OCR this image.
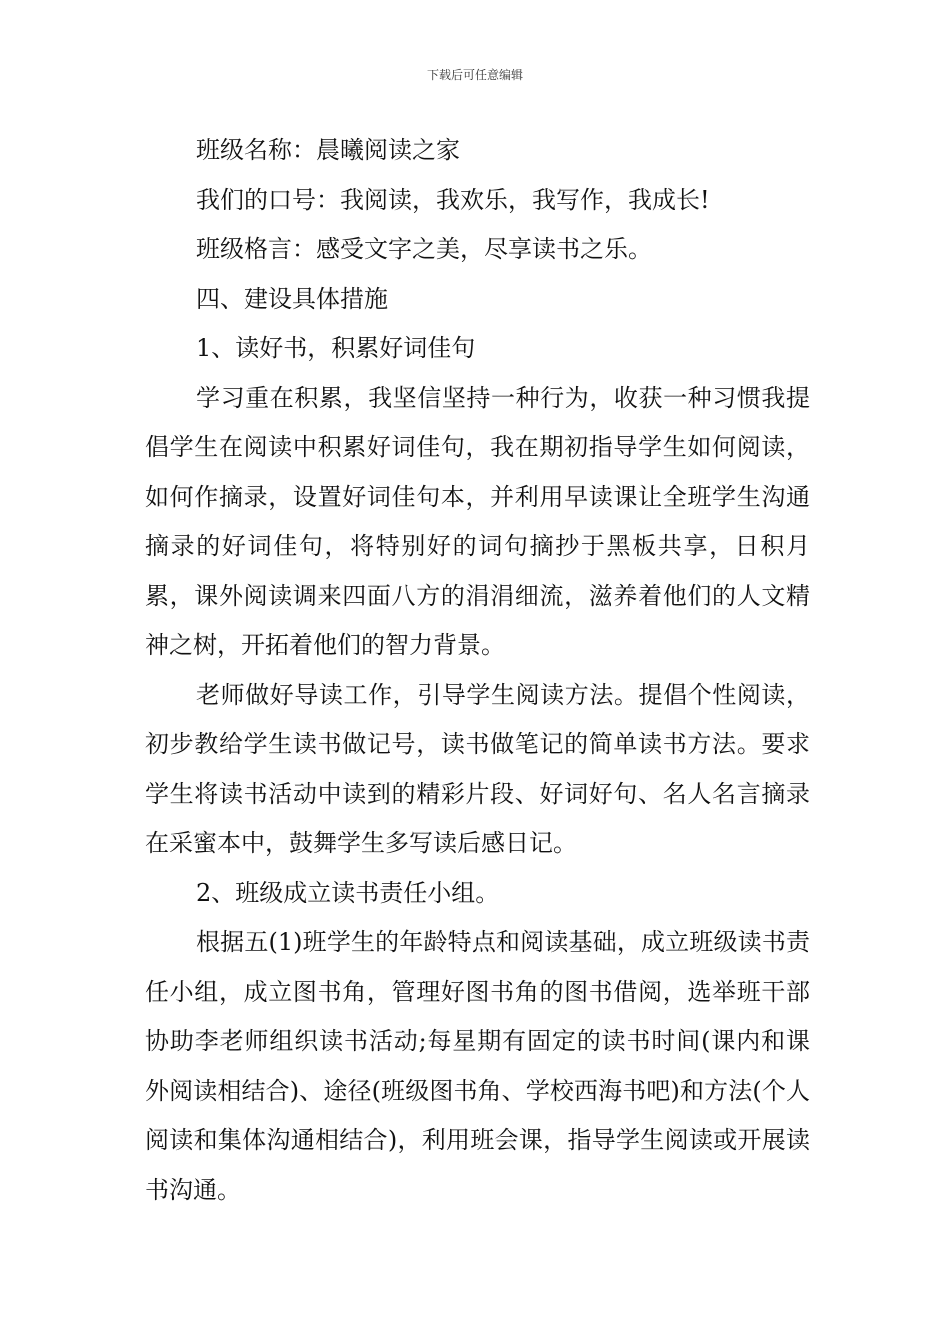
下载后可任意编辑

班级名称：晨曦阅读之家

我们的口号：我阅读，我欢乐，我写作，我成长!

班级格言：感受文字之美，尽享读书之乐。

四、建设具体措施

1、读好书，积累好词佳句

学习重在积累，我坚信坚持一种行为，收获一种习惯我提倡学生在阅读中积累好词佳句，我在期初指导学生如何阅读，如何作摘录，设置好词佳句本，并利用早读课让全班学生沟通摘录的好词佳句，将特别好的词句摘抄于黑板共享，日积月累，课外阅读调来四面八方的涓涓细流，滋养着他们的人文精神之树，开拓着他们的智力背景。

老师做好导读工作，引导学生阅读方法。提倡个性阅读，初步教给学生读书做记号，读书做笔记的简单读书方法。要求学生将读书活动中读到的精彩片段、好词好句、名人名言摘录在采蜜本中，鼓舞学生多写读后感日记。

2、班级成立读书责任小组。

根据五(1)班学生的年龄特点和阅读基础，成立班级读书责任小组，成立图书角，管理好图书角的图书借阅，选举班干部协助李老师组织读书活动;每星期有固定的读书时间(课内和课外阅读相结合)、途径(班级图书角、学校西海书吧)和方法(个人阅读和集体沟通相结合)，利用班会课，指导学生阅读或开展读书沟通。
